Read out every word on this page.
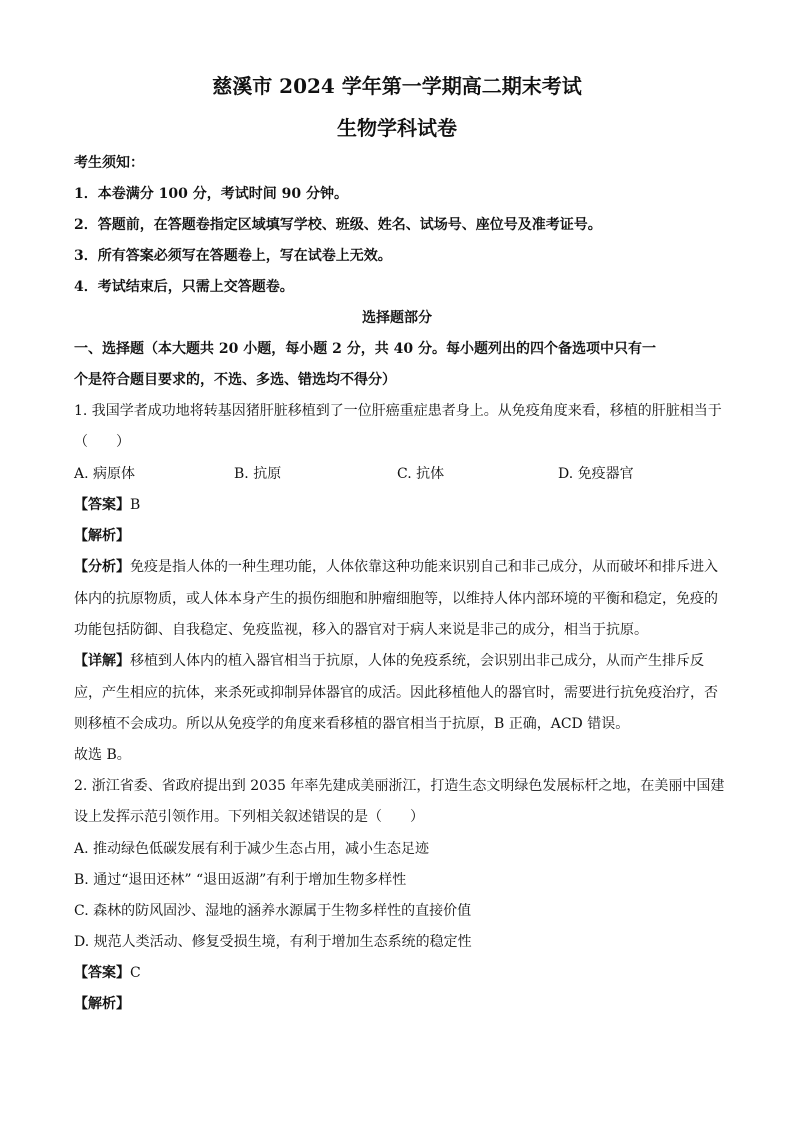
慈溪市 2024 学年第一学期高二期末考试
生物学科试卷
考生须知：
1．本卷满分 100 分，考试时间 90 分钟。
2．答题前，在答题卷指定区域填写学校、班级、姓名、试场号、座位号及准考证号。
3．所有答案必须写在答题卷上，写在试卷上无效。
4．考试结束后，只需上交答题卷。
选择题部分
一、选择题（本大题共 20 小题，每小题 2 分，共 40 分。每小题列出的四个备选项中只有一
个是符合题目要求的，不选、多选、错选均不得分）
1. 我国学者成功地将转基因猪肝脏移植到了一位肝癌重症患者身上。从免疫角度来看，移植的肝脏相当于
（　　）
A. 病原体	B. 抗原	C. 抗体	D. 免疫器官
【答案】B
【解析】
【分析】免疫是指人体的一种生理功能，人体依靠这种功能来识别自己和非己成分，从而破坏和排斥进入
体内的抗原物质，或人体本身产生的损伤细胞和肿瘤细胞等，以维持人体内部环境的平衡和稳定，免疫的
功能包括防御、自我稳定、免疫监视，移入的器官对于病人来说是非己的成分，相当于抗原。
【详解】移植到人体内的植入器官相当于抗原，人体的免疫系统，会识别出非己成分，从而产生排斥反
应，产生相应的抗体，来杀死或抑制异体器官的成活。因此移植他人的器官时，需要进行抗免疫治疗，否
则移植不会成功。所以从免疫学的角度来看移植的器官相当于抗原，B 正确，ACD 错误。
故选 B。
2. 浙江省委、省政府提出到 2035 年率先建成美丽浙江，打造生态文明绿色发展标杆之地，在美丽中国建
设上发挥示范引领作用。下列相关叙述错误的是（　　）
A. 推动绿色低碳发展有利于减少生态占用，减小生态足迹
B. 通过“退田还林” “退田返湖”有利于增加生物多样性
C. 森林的防风固沙、湿地的涵养水源属于生物多样性的直接价值
D. 规范人类活动、修复受损生境，有利于增加生态系统的稳定性
【答案】C
【解析】
